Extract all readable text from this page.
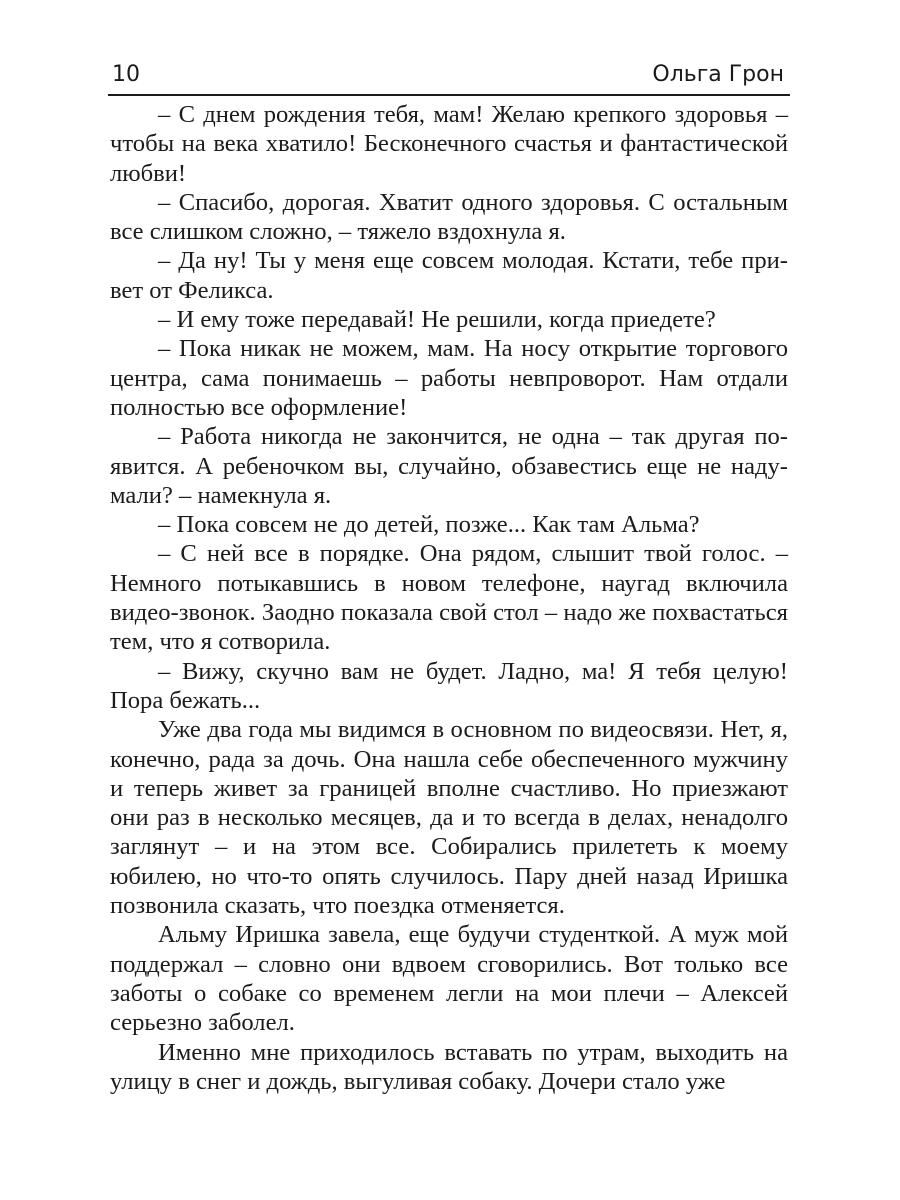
10	Ольга Грон

– С днем рождения тебя, мам! Желаю крепкого здоровья – чтобы на века хватило! Бесконечного счастья и фантастической любви!

– Спасибо, дорогая. Хватит одного здоровья. С остальным все слишком сложно, – тяжело вздохнула я.

– Да ну! Ты у меня еще совсем молодая. Кстати, тебе привет от Феликса.

– И ему тоже передавай! Не решили, когда приедете?

– Пока никак не можем, мам. На носу открытие торгового центра, сама понимаешь – работы невпроворот. Нам отдали полностью все оформление!

– Работа никогда не закончится, не одна – так другая появится. А ребеночком вы, случайно, обзавестись еще не надумали? – намекнула я.

– Пока совсем не до детей, позже... Как там Альма?

– С ней все в порядке. Она рядом, слышит твой голос. – Немного потыкавшись в новом телефоне, наугад включила видео-звонок. Заодно показала свой стол – надо же похвастаться тем, что я сотворила.

– Вижу, скучно вам не будет. Ладно, ма! Я тебя целую! Пора бежать...

Уже два года мы видимся в основном по видеосвязи. Нет, я, конечно, рада за дочь. Она нашла себе обеспеченного мужчину и теперь живет за границей вполне счастливо. Но приезжают они раз в несколько месяцев, да и то всегда в делах, ненадолго заглянут – и на этом все. Собирались прилететь к моему юбилею, но что-то опять случилось. Пару дней назад Иришка позвонила сказать, что поездка отменяется.

Альму Иришка завела, еще будучи студенткой. А муж мой поддержал – словно они вдвоем сговорились. Вот только все заботы о собаке со временем легли на мои плечи – Алексей серьезно заболел.

Именно мне приходилось вставать по утрам, выходить на улицу в снег и дождь, выгуливая собаку. Дочери стало уже
